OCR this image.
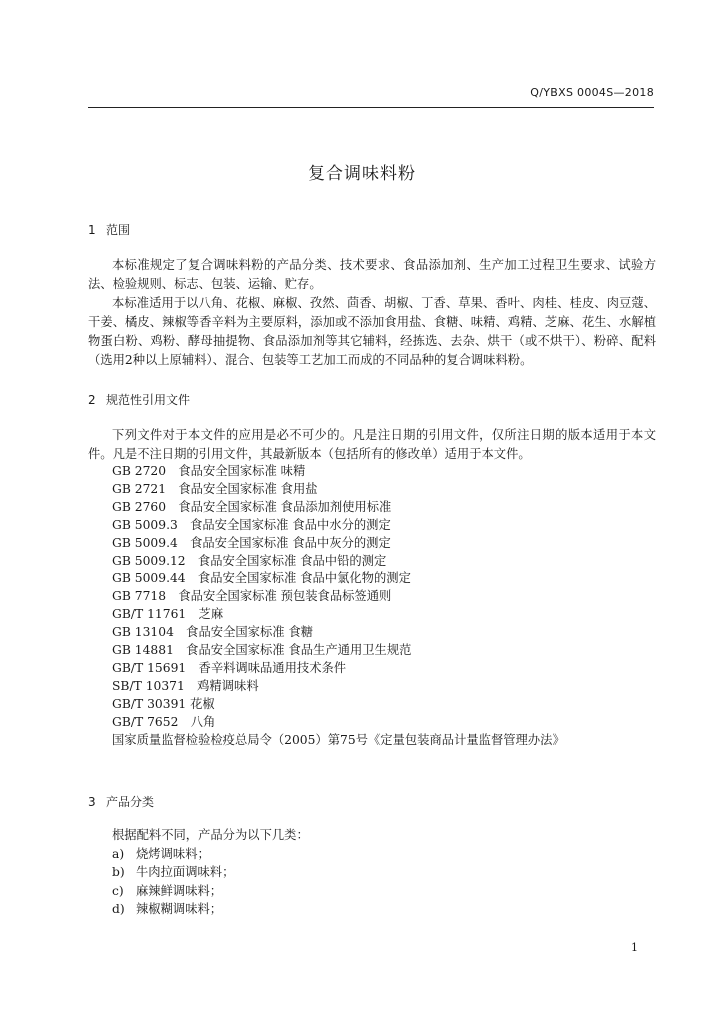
Q/YBXS 0004S—2018
复合调味料粉
1 范围

本标准规定了复合调味料粉的产品分类、技术要求、食品添加剂、生产加工过程卫生要求、试验方法、检验规则、标志、包装、运输、贮存。

本标准适用于以八角、花椒、麻椒、孜然、茴香、胡椒、丁香、草果、香叶、肉桂、桂皮、肉豆蔻、干姜、橘皮、辣椒等香辛料为主要原料，添加或不添加食用盐、食糖、味精、鸡精、芝麻、花生、水解植物蛋白粉、鸡粉、酵母抽提物、食品添加剂等其它辅料，经拣选、去杂、烘干（或不烘干）、粉碎、配料（选用2种以上原辅料）、混合、包装等工艺加工而成的不同品种的复合调味料粉。

2 规范性引用文件

下列文件对于本文件的应用是必不可少的。凡是注日期的引用文件，仅所注日期的版本适用于本文件。凡是不注日期的引用文件，其最新版本（包括所有的修改单）适用于本文件。

GB 2720　食品安全国家标准 味精
GB 2721　食品安全国家标准 食用盐
GB 2760　食品安全国家标准 食品添加剂使用标准
GB 5009.3　食品安全国家标准 食品中水分的测定
GB 5009.4　食品安全国家标准 食品中灰分的测定
GB 5009.12　食品安全国家标准 食品中铅的测定
GB 5009.44　食品安全国家标准 食品中氯化物的测定
GB 7718　食品安全国家标准 预包装食品标签通则
GB/T 11761　芝麻
GB 13104　食品安全国家标准 食糖
GB 14881　食品安全国家标准 食品生产通用卫生规范
GB/T 15691　香辛料调味品通用技术条件
SB/T 10371　鸡精调味料
GB/T 30391 花椒
GB/T 7652　八角
国家质量监督检验检疫总局令（2005）第75号《定量包装商品计量监督管理办法》
3 产品分类
根据配料不同，产品分为以下几类：
a) 烧烤调味料；
b) 牛肉拉面调味料；
c) 麻辣鲜调味料；
d) 辣椒糊调味料；
1
